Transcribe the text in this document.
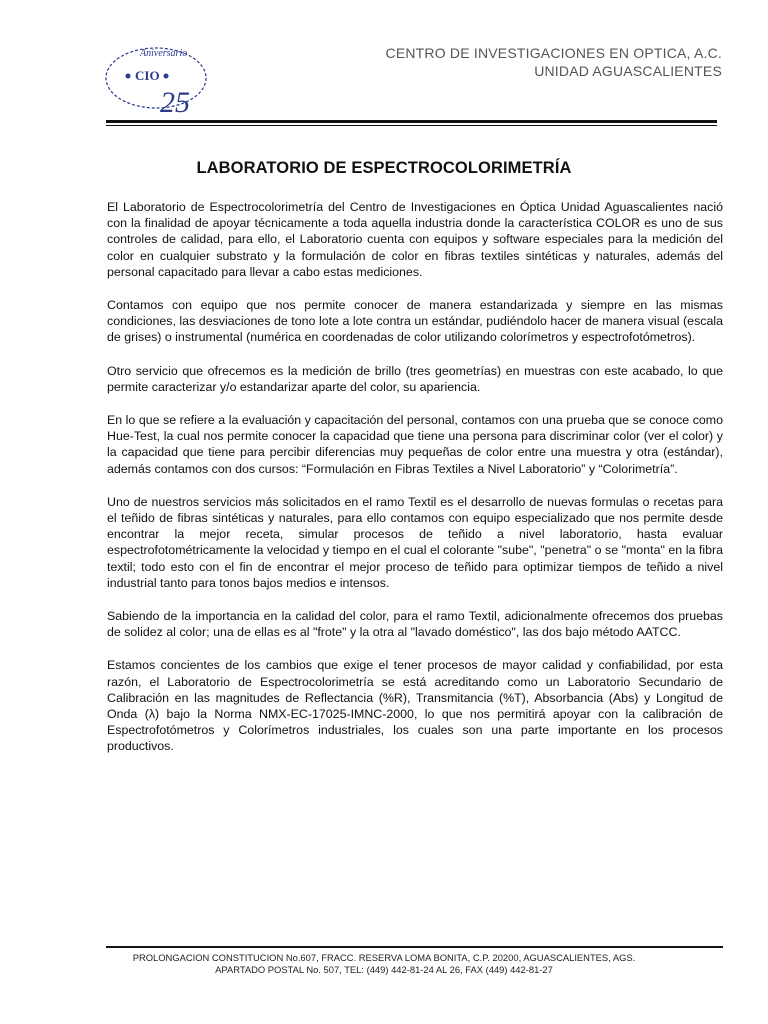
Aniversario
CIO
25
CENTRO DE INVESTIGACIONES EN OPTICA, A.C.
UNIDAD AGUASCALIENTES
LABORATORIO DE ESPECTROCOLORIMETRÍA

El Laboratorio de Espectrocolorimetría del Centro de Investigaciones en Óptica Unidad Aguascalientes nació con la finalidad de apoyar técnicamente a toda aquella industria donde la característica COLOR es uno de sus controles de calidad, para ello, el Laboratorio cuenta con equipos y software especiales para la medición del color en cualquier substrato y la formulación de color en fibras textiles sintéticas y naturales, además del personal capacitado para llevar a cabo estas mediciones.

Contamos con equipo que nos permite conocer de manera estandarizada y siempre en las mismas condiciones, las desviaciones de tono lote a lote contra un estándar, pudiéndolo hacer de manera visual (escala de grises) o instrumental (numérica en coordenadas de color utilizando colorímetros y espectrofotómetros).

Otro servicio que ofrecemos es la medición de brillo (tres geometrías) en muestras con este acabado, lo que permite caracterizar y/o estandarizar aparte del color, su apariencia.

En lo que se refiere a la evaluación y capacitación del personal, contamos con una prueba que se conoce como Hue-Test, la cual nos permite conocer la capacidad que tiene una persona para discriminar color (ver el color) y la capacidad que tiene para percibir diferencias muy pequeñas de color entre una muestra y otra (estándar), además contamos con dos cursos: “Formulación en Fibras Textiles a Nivel Laboratorio” y “Colorimetría”.

Uno de nuestros servicios más solicitados en el ramo Textil es el desarrollo de nuevas formulas o recetas para el teñido de fibras sintéticas y naturales, para ello contamos con equipo especializado que nos permite desde encontrar la mejor receta, simular procesos de teñido a nivel laboratorio, hasta evaluar espectrofotométricamente la velocidad y tiempo en el cual el colorante "sube", "penetra" o se "monta" en la fibra textil; todo esto con el fin de encontrar el mejor proceso de teñido para optimizar tiempos de teñido a nivel industrial tanto para tonos bajos medios e intensos.

Sabiendo de la importancia en la calidad del color, para el ramo Textil, adicionalmente ofrecemos dos pruebas de solidez al color; una de ellas es al "frote" y la otra al "lavado doméstico", las dos bajo método AATCC.

Estamos concientes de los cambios que exige el tener procesos de mayor calidad y confiabilidad, por esta razón, el Laboratorio de Espectrocolorimetría se está acreditando como un Laboratorio Secundario de Calibración en las magnitudes de Reflectancia (%R), Transmitancia (%T), Absorbancia (Abs) y Longitud de Onda (λ) bajo la Norma NMX-EC-17025-IMNC-2000, lo que nos permitirá apoyar con la calibración de Espectrofotómetros y Colorímetros industriales, los cuales son una parte importante en los procesos productivos.

PROLONGACION CONSTITUCION No.607, FRACC. RESERVA LOMA BONITA, C.P. 20200, AGUASCALIENTES, AGS.
APARTADO POSTAL No. 507, TEL: (449) 442-81-24 AL 26, FAX (449) 442-81-27
